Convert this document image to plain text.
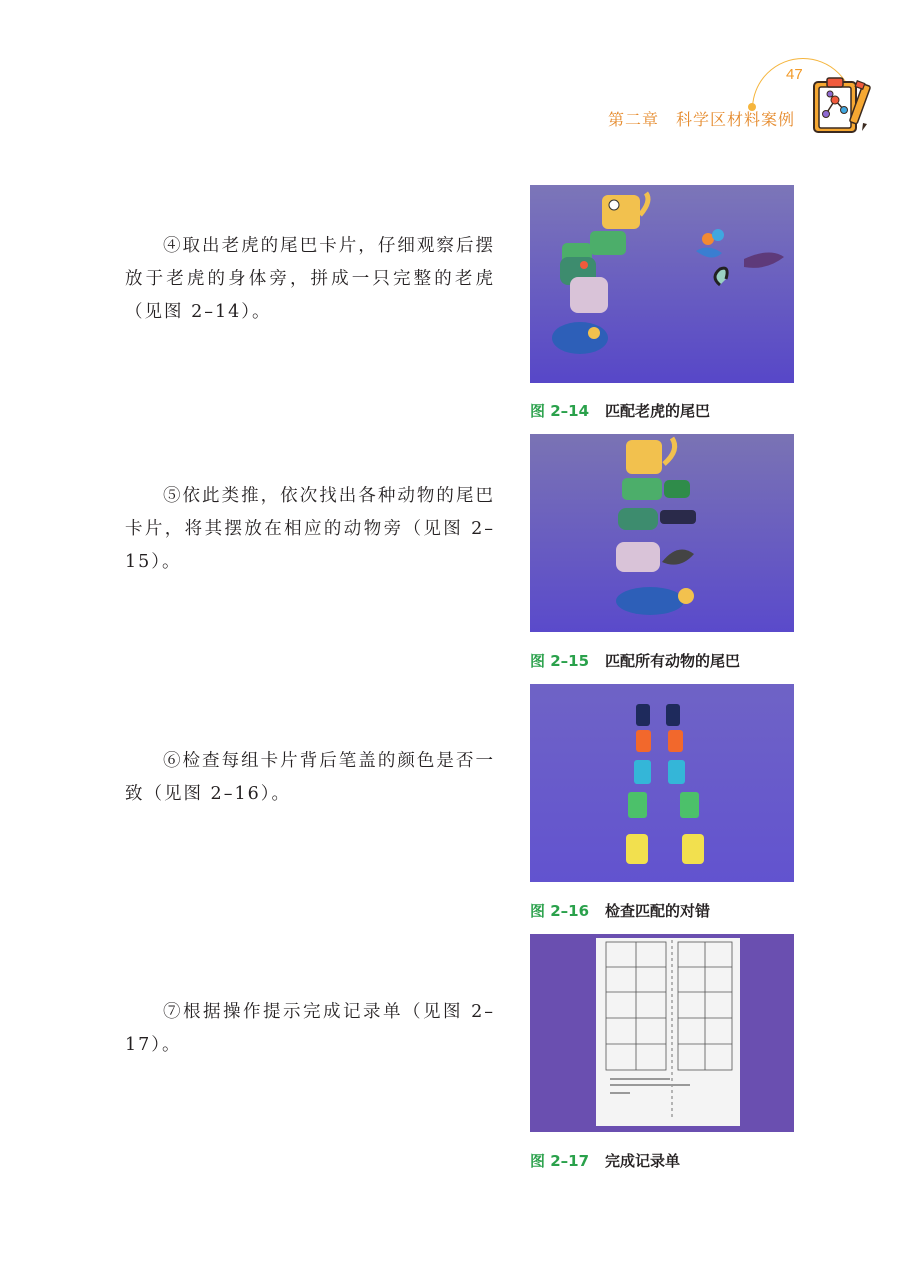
47
第二章　科学区材料案例

④取出老虎的尾巴卡片，仔细观察后摆放于老虎的身体旁，拼成一只完整的老虎（见图 2–14）。

⑤依此类推，依次找出各种动物的尾巴卡片，将其摆放在相应的动物旁（见图 2–15）。

⑥检查每组卡片背后笔盖的颜色是否一致（见图 2–16）。

⑦根据操作提示完成记录单（见图 2–17）。

图 2–14 匹配老虎的尾巴
图 2–15 匹配所有动物的尾巴
图 2–16 检查匹配的对错
图 2–17 完成记录单
